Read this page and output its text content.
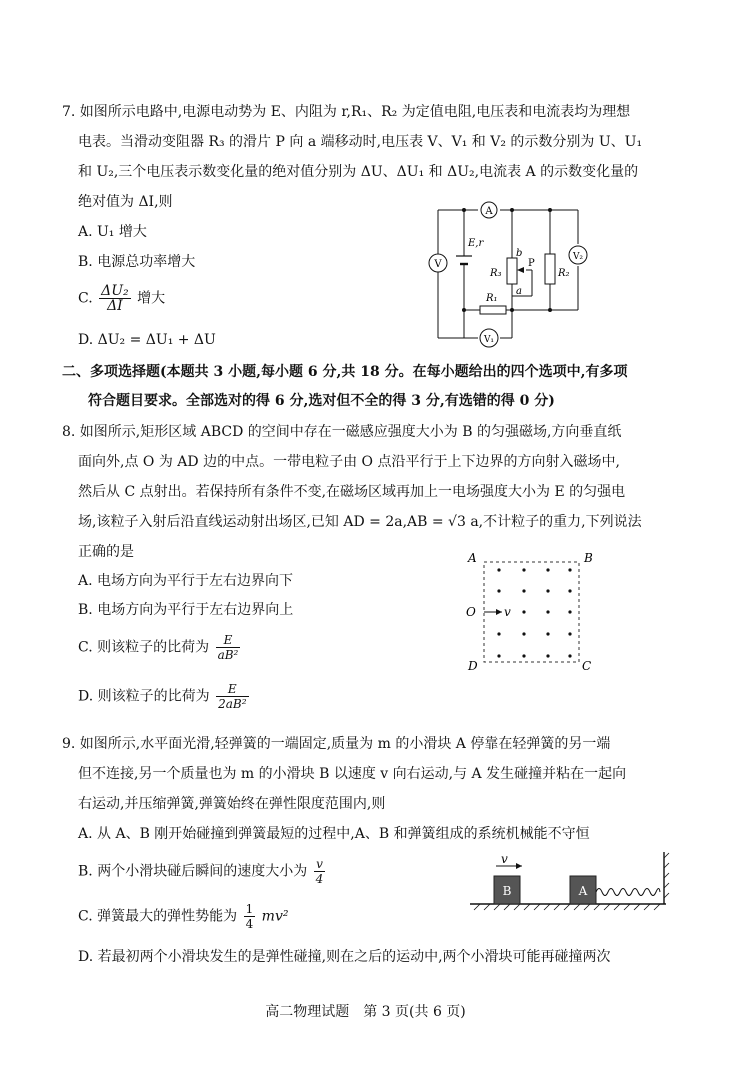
7. 如图所示电路中,电源电动势为 E、内阻为 r,R₁、R₂ 为定值电阻,电压表和电流表均为理想
电表。当滑动变阻器 R₃ 的滑片 P 向 a 端移动时,电压表 V、V₁ 和 V₂ 的示数分别为 U、U₁
和 U₂,三个电压表示数变化量的绝对值分别为 ΔU、ΔU₁ 和 ΔU₂,电流表 A 的示数变化量的
绝对值为 ΔI,则
A. U₁ 增大
B. 电源总功率增大
C. $\frac{\text{ΔU₂}}{\Delta I}$ 增大
D. ΔU₂ = ΔU₁ + ΔU
A
V
E,r
R₃
b
P
a
R₂
V₂
R₁
V₁
二、多项选择题(本题共 3 小题,每小题 6 分,共 18 分。在每小题给出的四个选项中,有多项
符合题目要求。全部选对的得 6 分,选对但不全的得 3 分,有选错的得 0 分)
8. 如图所示,矩形区域 ABCD 的空间中存在一磁感应强度大小为 B 的匀强磁场,方向垂直纸
面向外,点 O 为 AD 边的中点。一带电粒子由 O 点沿平行于上下边界的方向射入磁场中,
然后从 C 点射出。若保持所有条件不变,在磁场区域再加上一电场强度大小为 E 的匀强电
场,该粒子入射后沿直线运动射出场区,已知 AD = 2a,AB = √3 a,不计粒子的重力,下列说法
正确的是
A. 电场方向为平行于左右边界向下
B. 电场方向为平行于左右边界向上
C. 则该粒子的比荷为 $\frac{E}{\text{aB²}}$
D. 则该粒子的比荷为 $\frac{E}{\text{2aB²}}$
A	B
D	C
O v
9. 如图所示,水平面光滑,轻弹簧的一端固定,质量为 m 的小滑块 A 停靠在轻弹簧的另一端
但不连接,另一个质量也为 m 的小滑块 B 以速度 v 向右运动,与 A 发生碰撞并粘在一起向
右运动,并压缩弹簧,弹簧始终在弹性限度范围内,则
A. 从 A、B 刚开始碰撞到弹簧最短的过程中,A、B 和弹簧组成的系统机械能不守恒
B. 两个小滑块碰后瞬间的速度大小为 $\frac{v}{4}$
C. 弹簧最大的弹性势能为 $\frac{1}{4} mv^2$
D. 若最初两个小滑块发生的是弹性碰撞,则在之后的运动中,两个小滑块可能再碰撞两次
B
v
A
高二物理试题　第 3 页(共 6 页)
